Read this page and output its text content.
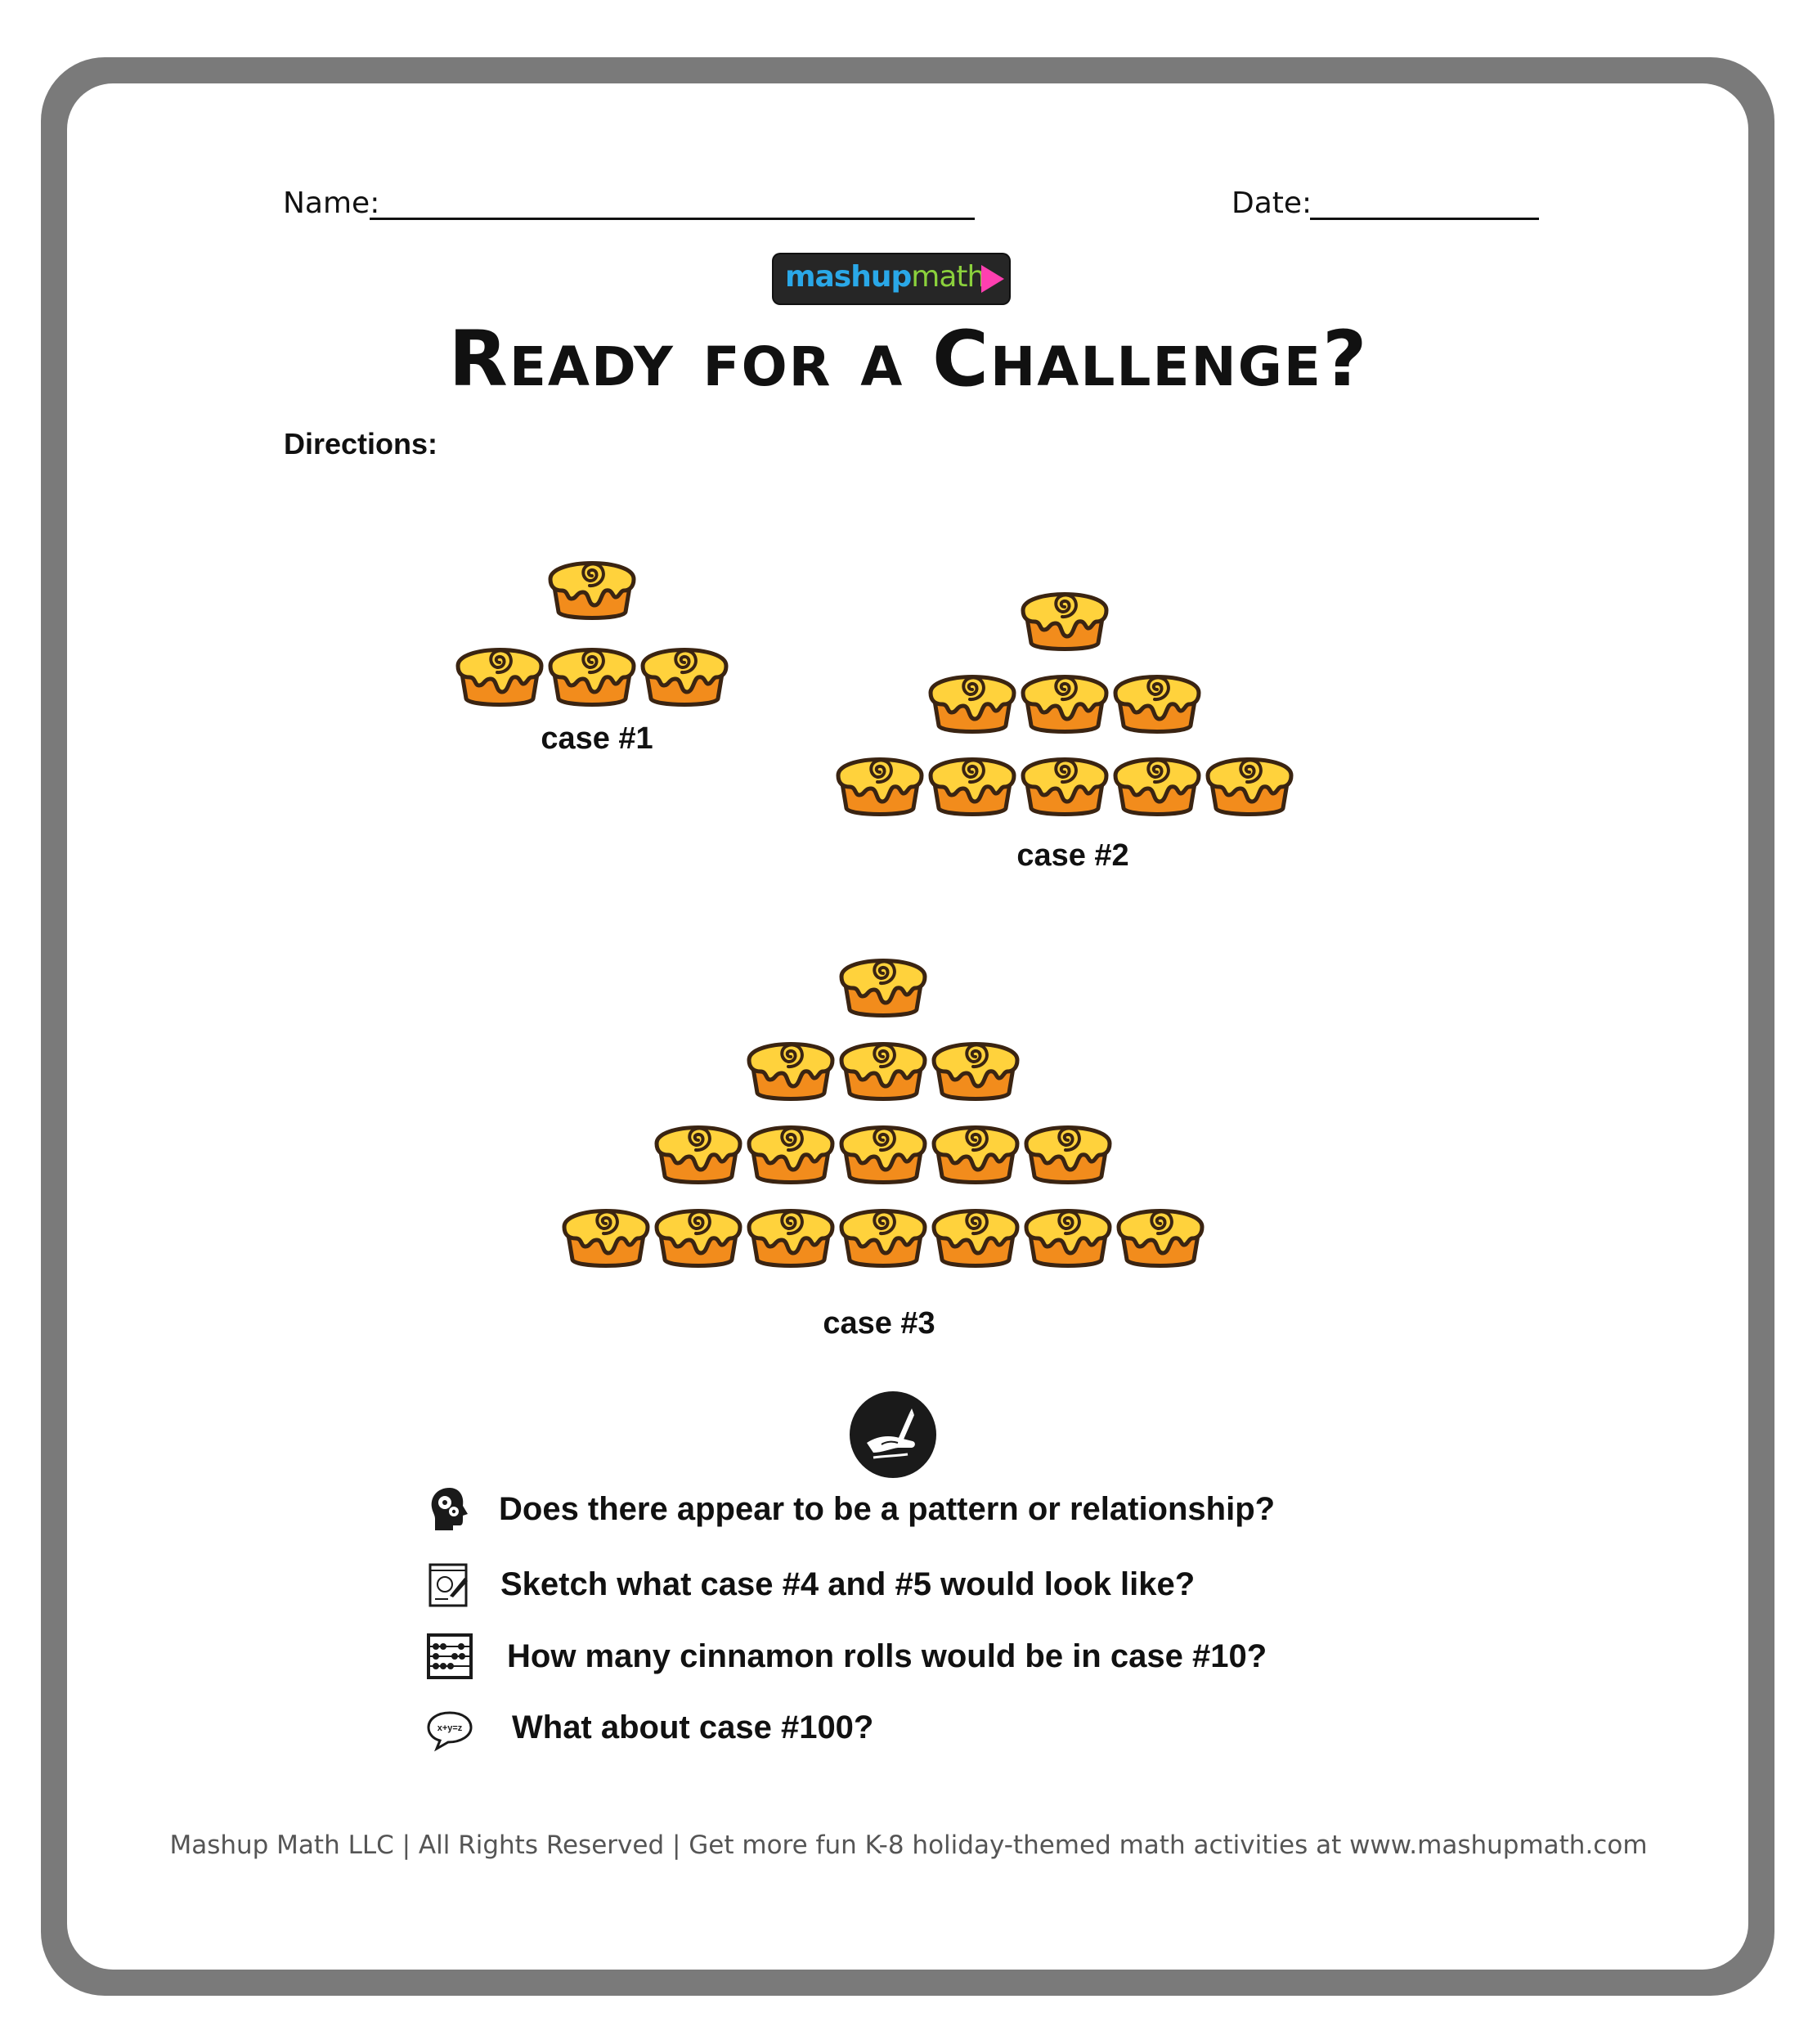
Name:	Date:
mashupmath
Ready for a Challenge?
Directions:
case #1
case #2
case #3
Does there appear to be a pattern or relationship?
Sketch what case #4 and #5 would look like?
How many cinnamon rolls would be in case #10?
x+y=z What about case #100?
Mashup Math LLC | All Rights Reserved | Get more fun K-8 holiday-themed math activities at www.mashupmath.com
